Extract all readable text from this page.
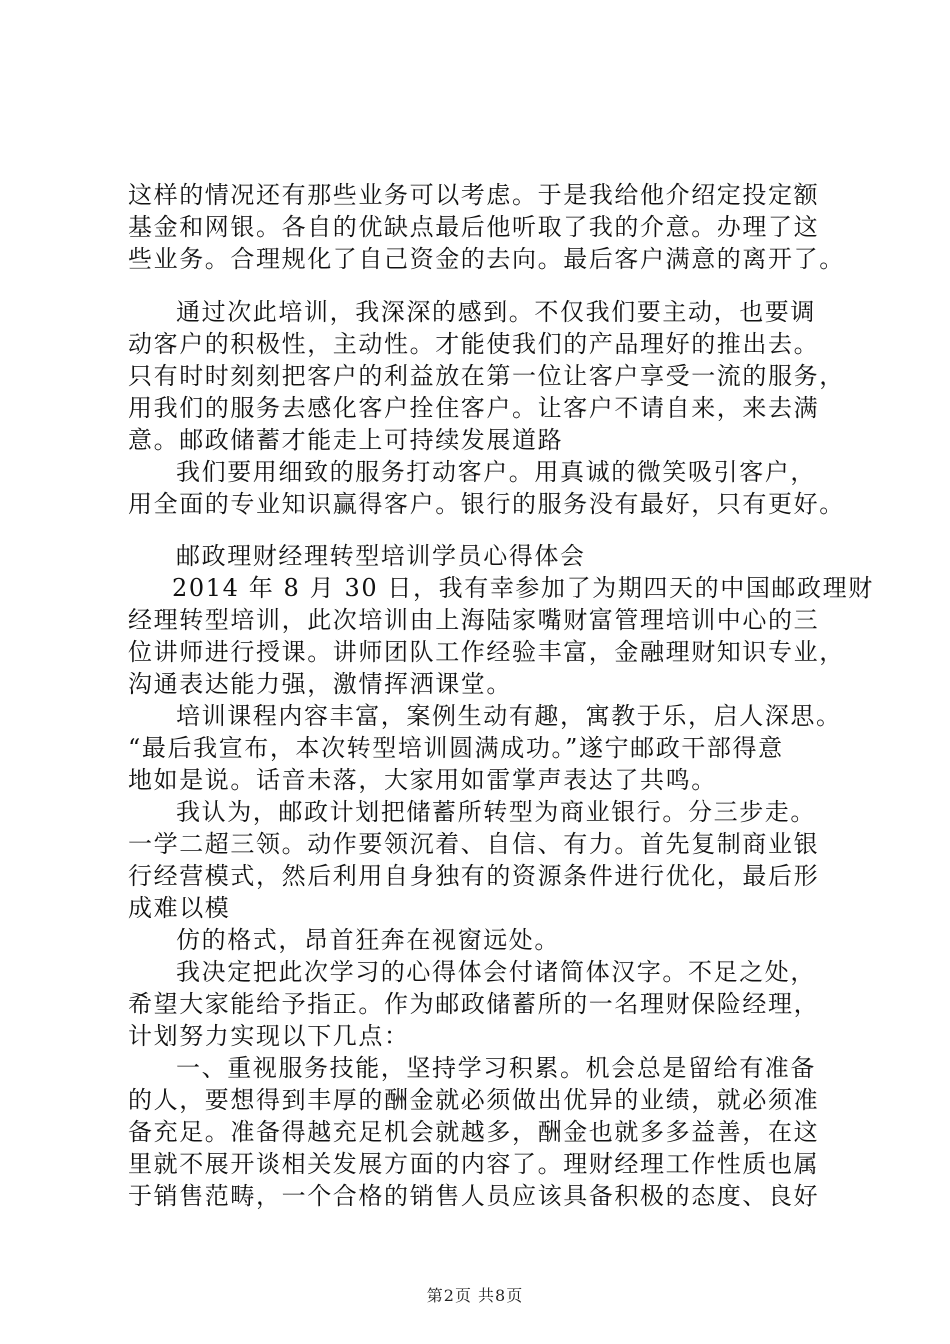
这样的情况还有那些业务可以考虑。于是我给他介绍定投定额
基金和网银。各自的优缺点最后他听取了我的介意。办理了这
些业务。合理规化了自己资金的去向。最后客户满意的离开了。
通过次此培训，我深深的感到。不仅我们要主动，也要调
动客户的积极性，主动性。才能使我们的产品理好的推出去。
只有时时刻刻把客户的利益放在第一位让客户享受一流的服务，
用我们的服务去感化客户拴住客户。让客户不请自来，来去满
意。邮政储蓄才能走上可持续发展道路
我们要用细致的服务打动客户。用真诚的微笑吸引客户，
用全面的专业知识赢得客户。银行的服务没有最好，只有更好。
邮政理财经理转型培训学员心得体会
2014 年 8 月 30 日，我有幸参加了为期四天的中国邮政理财
经理转型培训，此次培训由上海陆家嘴财富管理培训中心的三
位讲师进行授课。讲师团队工作经验丰富，金融理财知识专业，
沟通表达能力强，激情挥洒课堂。
培训课程内容丰富，案例生动有趣，寓教于乐，启人深思。
“最后我宣布，本次转型培训圆满成功。”遂宁邮政干部得意
地如是说。话音未落，大家用如雷掌声表达了共鸣。
我认为，邮政计划把储蓄所转型为商业银行。分三步走。
一学二超三领。动作要领沉着、自信、有力。首先复制商业银
行经营模式，然后利用自身独有的资源条件进行优化，最后形
成难以模
仿的格式，昂首狂奔在视窗远处。
我决定把此次学习的心得体会付诸简体汉字。不足之处，
希望大家能给予指正。作为邮政储蓄所的一名理财保险经理，
计划努力实现以下几点：
一、重视服务技能，坚持学习积累。机会总是留给有准备
的人，要想得到丰厚的酬金就必须做出优异的业绩，就必须准
备充足。准备得越充足机会就越多，酬金也就多多益善，在这
里就不展开谈相关发展方面的内容了。理财经理工作性质也属
于销售范畴，一个合格的销售人员应该具备积极的态度、良好
第2页 共8页
